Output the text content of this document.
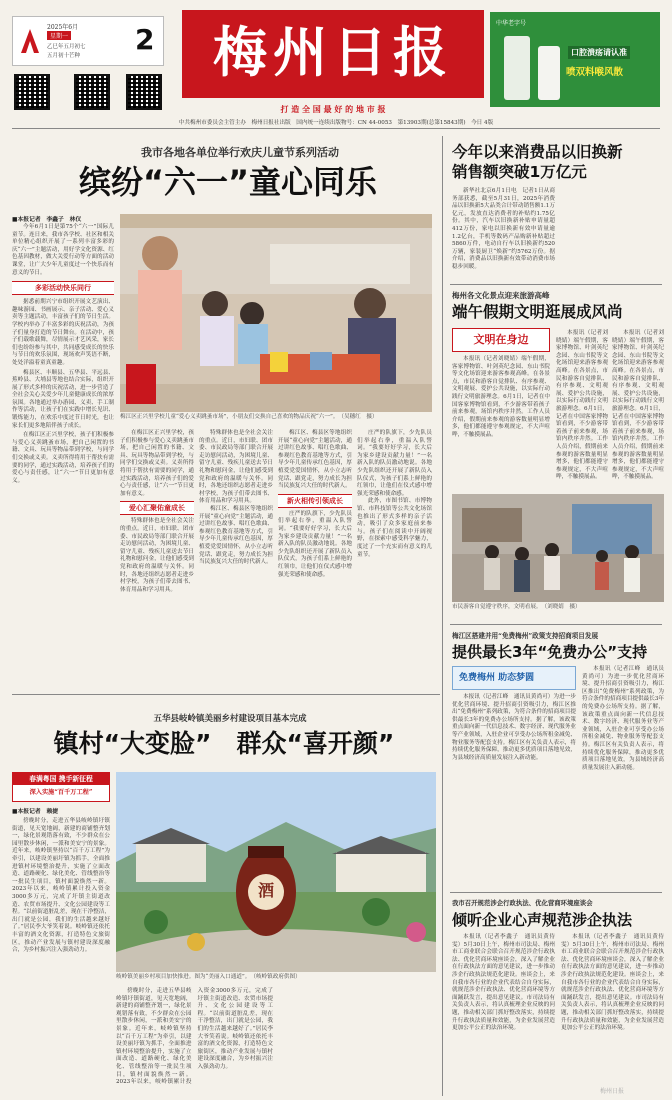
2025年6月
星期一
乙巳年五月初七
五月初十芒种 2	梅州日报
打 造 全 国 最 好 的 地 市 报
中华老字号
口腔溃疡请认准
喷双料喉风散
中共梅州市委员会主管主办　梅州日报社出版　国内统一连续出版物号：CN 44-0053　第13903期(总第15843期)　今日 4版
我市各地各单位举行欢庆儿童节系列活动
缤纷“六一”童心同乐
■本报记者　李鑫子　林仪
今年6月1日是第75个“六一”国际儿童节。连日来，我市各学校、社区和相关单位精心组织开展了一系列丰富多彩的庆“六一”主题活动，用好学文化资源、红色基因教材，做大关爱行动等方面的活动课堂，让广大少年儿童度过一个快乐而有意义的节日。
多彩活动快乐同行
据悉前期兴宁市组织开展文艺演出、趣味游园、书画展示、亲子活动、爱心义卖等主题活动，丰富孩子们的节日生活。学校内举办了丰富多彩的庆祝活动，为孩子们量身打造的节日舞台。在活动中，孩子们载歌载舞，尽情展示才艺风采，家长们也纷纷参与其中，共同感受成长的快乐与节日的欢乐氛围，现场欢声笑语不断，处处洋溢着童真童趣。
梅县区、丰顺县、五华县、平远县、蕉岭县、大埔县等地也结合实际，组织开展了形式多样的庆祝活动，进一步营造了全社会关心关爱少年儿童健康成长的浓厚氛围。各地通过举办游园、义卖、手工制作等活动，让孩子们在实践中增长见识、锻炼能力，在欢乐中度过节日时光，也让家长们更多地陪伴孩子成长。
在梅江区正兴里学校，孩子们积极参与爱心义卖跳蚤市场，把自己闲置的书籍、文具、玩具等物品带到学校，与同学们交换或义卖。义卖所得将用于帮扶有需要的同学，通过实践活动，培养孩子们的爱心与责任感，让“六一”节日更加有意义。
梅江区正兴里学校儿童“爱心义卖跳蚤市场”，小朋友们交换自己喜欢的物品庆祝“六一”。　（吴穗红　摄）
在梅江区正兴里学校，孩子们积极参与爱心义卖跳蚤市场，把自己闲置的书籍、文具、玩具等物品带到学校，与同学们交换或义卖。义卖所得将用于帮扶有需要的同学，通过实践活动，培养孩子们的爱心与责任感，让“六一”节日更加有意义。
爱心汇聚佑童成长
特殊群体也是全社会关注的重点。近日，市妇联、团市委、市民政局等部门联合开展走访慰问活动，为困境儿童、留守儿童、残疾儿童送去节日礼物和慰问金，让他们感受到党和政府的温暖与关怀。同时，各地还组织志愿者走进乡村学校，为孩子们带去图书、体育用品和学习用具。
特殊群体也是全社会关注的重点。近日，市妇联、团市委、市民政局等部门联合开展走访慰问活动，为困境儿童、留守儿童、残疾儿童送去节日礼物和慰问金，让他们感受到党和政府的温暖与关怀。同时，各地还组织志愿者走进乡村学校，为孩子们带去图书、体育用品和学习用具。
梅江区、梅县区等地组织开展“童心向党”主题活动，通过讲红色故事、唱红色歌曲、参观红色教育基地等方式，引导少年儿童传承红色基因，厚植爱党爱国情怀，从小立志听党话、跟党走，努力成长为担当民族复兴大任的时代新人。
梅江区、梅县区等地组织开展“童心向党”主题活动，通过讲红色故事、唱红色歌曲、参观红色教育基地等方式，引导少年儿童传承红色基因，厚植爱党爱国情怀，从小立志听党话、跟党走，努力成长为担当民族复兴大任的时代新人。
新火相传引领成长
庄严的队旗下，少先队员们举起右拳，重温入队誓词。“我要好好学习，长大后为家乡建设贡献力量！”一名新入队的队员激动地说。各地少先队组织还开展了新队员入队仪式，为孩子们系上鲜艳的红领巾，让他们在仪式感中增强光荣感和使命感。
庄严的队旗下，少先队员们举起右拳，重温入队誓词。“我要好好学习，长大后为家乡建设贡献力量！”一名新入队的队员激动地说。各地少先队组织还开展了新队员入队仪式，为孩子们系上鲜艳的红领巾，让他们在仪式感中增强光荣感和使命感。
此外，市图书馆、市博物馆、市科技馆等公共文化场馆也推出了形式多样的亲子活动，吸引了众多家庭前来参与。孩子们在阅读中开阔视野，在探索中感受科学魅力，度过了一个充实而有意义的儿童节。
今年以来消费品以旧换新
销售额突破1万亿元
新华社北京6月1日电　记者1日从商务部获悉，截至5月31日，2025年消费品以旧换新5大品类合计带动销售额1.1万亿元，发放直达消费者的补贴约1.75亿份。其中，汽车以旧换新补贴申请量超412万份，家电以旧换新有效申请量逾1.2亿台，手机等数码产品购新补贴超过5860万件，电动自行车以旧换新约520万辆，家装厨卫“焕新”约5762万份。据介绍，消费品以旧换新有效带动消费市场稳步回暖。
梅州各文化景点迎来旅游高峰
端午假期文明逛展成风尚
文明在身边
本报讯（记者刘晓婧）端午假期，客家博物馆、叶剑英纪念园、东山书院等文化场馆迎来游客参观高峰。在各景点，市民和游客自觉排队、有序参观、文明观展、爱护公共设施，以实际行动践行文明旅游理念。6月1日，记者在中国客家博物馆看到，不少游客带着孩子前来参观，场馆内秩序井然。工作人员介绍，假期前来参观的游客数量明显增多，他们都能遵守参观规定，不大声喧哗，不触摸展品。
本报讯（记者刘晓婧）端午假期，客家博物馆、叶剑英纪念园、东山书院等文化场馆迎来游客参观高峰。在各景点，市民和游客自觉排队、有序参观、文明观展、爱护公共设施，以实际行动践行文明旅游理念。6月1日，记者在中国客家博物馆看到，不少游客带着孩子前来参观，场馆内秩序井然。工作人员介绍，假期前来参观的游客数量明显增多，他们都能遵守参观规定，不大声喧哗，不触摸展品。
本报讯（记者刘晓婧）端午假期，客家博物馆、叶剑英纪念园、东山书院等文化场馆迎来游客参观高峰。在各景点，市民和游客自觉排队、有序参观、文明观展、爱护公共设施，以实际行动践行文明旅游理念。6月1日，记者在中国客家博物馆看到，不少游客带着孩子前来参观，场馆内秩序井然。工作人员介绍，假期前来参观的游客数量明显增多，他们都能遵守参观规定，不大声喧哗，不触摸展品。
市民游客自觉遵守秩序，文明看展。　（刘晓婧　摄）
梅江区搭建并用“免费梅州”政策支持招商项目发展
提供最长3年“免费办公”支持
免费梅州 助态梦圆
本报讯（记者江峰　通讯员黄尚可）为进一步优化营商环境、提升招商引资吸引力，梅江区推出“免费梅州”系列政策，为符合条件的招商项目提供最长3年的免费办公场所支持。据了解，该政策重点面向新一代信息技术、数字经济、现代服务业等产业领域，入驻企业可享受办公场所租金减免、物业服务等配套支持。梅江区有关负责人表示，将持续优化服务保障，推动更多优质项目落地见效，为县域经济高质量发展注入新动能。
本报讯（记者江峰　通讯员黄尚可）为进一步优化营商环境、提升招商引资吸引力，梅江区推出“免费梅州”系列政策，为符合条件的招商项目提供最长3年的免费办公场所支持。据了解，该政策重点面向新一代信息技术、数字经济、现代服务业等产业领域，入驻企业可享受办公场所租金减免、物业服务等配套支持。梅江区有关负责人表示，将持续优化服务保障，推动更多优质项目落地见效，为县域经济高质量发展注入新动能。
我市召开规范涉企行政执法、优化营商环境座谈会
倾听企业心声规范涉企执法
本报讯（记者李鑫子　通讯员黄侍雯）5月30日上午，梅州市司法局、梅州市工商业联合会联合召开规范涉企行政执法、优化营商环境座谈会，深入了解企业在行政执法方面的意见建议，进一步推动涉企行政执法规范化建设。座谈会上，来自我市各行业的企业代表结合自身实际，就规范涉企行政执法、优化营商环境等方面踊跃发言，提出意见建议。市司法局有关负责人表示，将认真梳理企业反映的问题，推动相关部门抓好整改落实，持续提升行政执法质量和效能，为企业发展营造更加公平公正的法治环境。
本报讯（记者李鑫子　通讯员黄侍雯）5月30日上午，梅州市司法局、梅州市工商业联合会联合召开规范涉企行政执法、优化营商环境座谈会，深入了解企业在行政执法方面的意见建议，进一步推动涉企行政执法规范化建设。座谈会上，来自我市各行业的企业代表结合自身实际，就规范涉企行政执法、优化营商环境等方面踊跃发言，提出意见建议。市司法局有关负责人表示，将认真梳理企业反映的问题，推动相关部门抓好整改落实，持续提升行政执法质量和效能，为企业发展营造更加公平公正的法治环境。
五华县岐岭镇美丽乡村建设项目基本完成
镇村“大变脸”　群众“喜开颜”
春满粤国 携手新征程
深入实施“百千万工程”
■本报记者　赖捷
傍晚时分，走进五华县岐岭镇圩镇街道，见天宽地阔，新建的商铺整齐划一，绿化景观错落有致，不少群众在公园里散步休闲，一派和美安宁的景象。近年来，岐岭镇坚持以“百千万工程”为牵引，以建设美丽圩镇为抓手，全面推进镇村环境整治提升，实施了立面改造、道路硬化、绿化美化、管线整治等一批民生项目，镇村面貌焕然一新。2023年以来，岐岭镇累计投入资金3000多万元，完成了圩镇主街道改造、农贸市场提升、文化公园建设等工程。“以前街道脏乱差，现在干净整洁，出门就是公园，我们的生活越来越好了。”居民李大爷笑着说。岐岭镇还依托丰富的酒文化资源，打造特色文旅街区，推动产业发展与镇村建设深度融合，为乡村振兴注入强劲动力。
酒
岐岭镇美丽乡村项目加快推进。图为“美丽入口通道”。　（岐岭镇政府供图）
傍晚时分，走进五华县岐岭镇圩镇街道，见天宽地阔，新建的商铺整齐划一，绿化景观错落有致，不少群众在公园里散步休闲，一派和美安宁的景象。近年来，岐岭镇坚持以“百千万工程”为牵引，以建设美丽圩镇为抓手，全面推进镇村环境整治提升，实施了立面改造、道路硬化、绿化美化、管线整治等一批民生项目，镇村面貌焕然一新。2023年以来，岐岭镇累计投入资金3000多万元，完成了圩镇主街道改造、农贸市场提升、文化公园建设等工程。“以前街道脏乱差，现在干净整洁，出门就是公园，我们的生活越来越好了。”居民李大爷笑着说。岐岭镇还依托丰富的酒文化资源，打造特色文旅街区，推动产业发展与镇村建设深度融合，为乡村振兴注入强劲动力。
梅州日报
